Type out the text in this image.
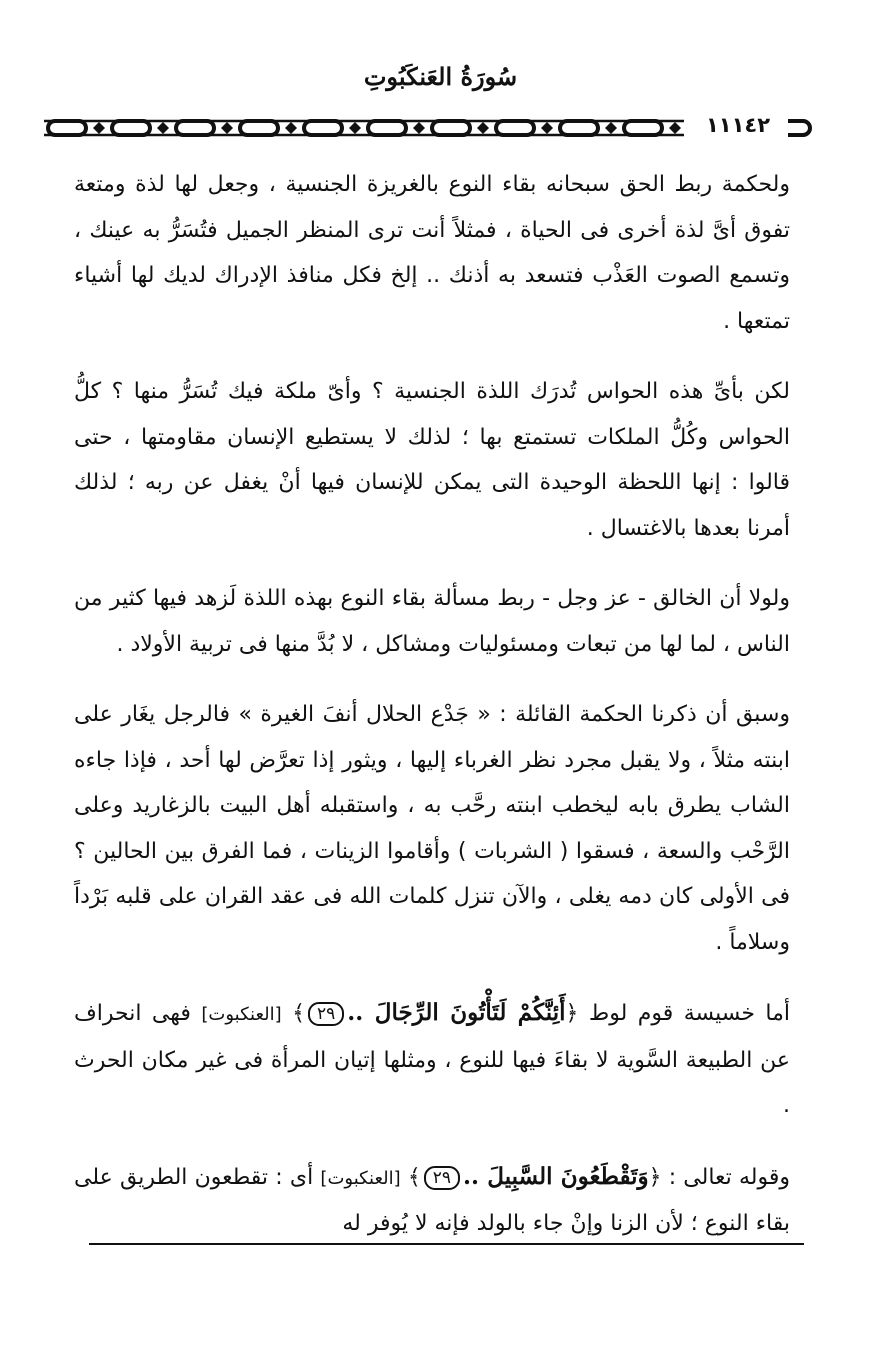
سُورَةُ العَنكَبُوتِ
١١١٤٢

ولحكمة ربط الحق سبحانه بقاء النوع بالغريزة الجنسية ، وجعل لها لذة ومتعة تفوق أىَّ لذة أخرى فى الحياة ، فمثلاً أنت ترى المنظر الجميل فتُسَرُّ به عينك ، وتسمع الصوت العَذْب فتسعد به أذنك .. إلخ فكل منافذ الإدراك لديك لها أشياء تمتعها .

لكن بأىِّ هذه الحواس تُدرَك اللذة الجنسية ؟ وأىّ ملكة فيك تُسَرُّ منها ؟ كلُّ الحواس وكُلُّ الملكات تستمتع بها ؛ لذلك لا يستطيع الإنسان مقاومتها ، حتى قالوا : إنها اللحظة الوحيدة التى يمكن للإنسان فيها أنْ يغفل عن ربه ؛ لذلك أمرنا بعدها بالاغتسال .

ولولا أن الخالق - عز وجل - ربط مسألة بقاء النوع بهذه اللذة لَزهد فيها كثير من الناس ، لما لها من تبعات ومسئوليات ومشاكل ، لا بُدَّ منها فى تربية الأولاد .

وسبق أن ذكرنا الحكمة القائلة : « جَدْع الحلال أنفَ الغيرة » فالرجل يغَار على ابنته مثلاً ، ولا يقبل مجرد نظر الغرباء إليها ، ويثور إذا تعرَّض لها أحد ، فإذا جاءه الشاب يطرق بابه ليخطب ابنته رحَّب به ، واستقبله أهل البيت بالزغاريد وعلى الرَّحْب والسعة ، فسقوا ( الشربات ) وأقاموا الزينات ، فما الفرق بين الحالين ؟ فى الأولى كان دمه يغلى ، والآن تنزل كلمات الله فى عقد القران على قلبه بَرْداً وسلاماً .

أما خسيسة قوم لوط ﴿أَئِنَّكُمْ لَتَأْتُونَ الرِّجَالَ ..٢٩﴾ [العنكبوت] فهى انحراف عن الطبيعة السَّوية لا بقاءَ فيها للنوع ، ومثلها إتيان المرأة فى غير مكان الحرث .

وقوله تعالى : ﴿وَتَقْطَعُونَ السَّبِيلَ ..٢٩﴾ [العنكبوت] أى : تقطعون الطريق على بقاء النوع ؛ لأن الزنا وإنْ جاء بالولد فإنه لا يُوفر له
